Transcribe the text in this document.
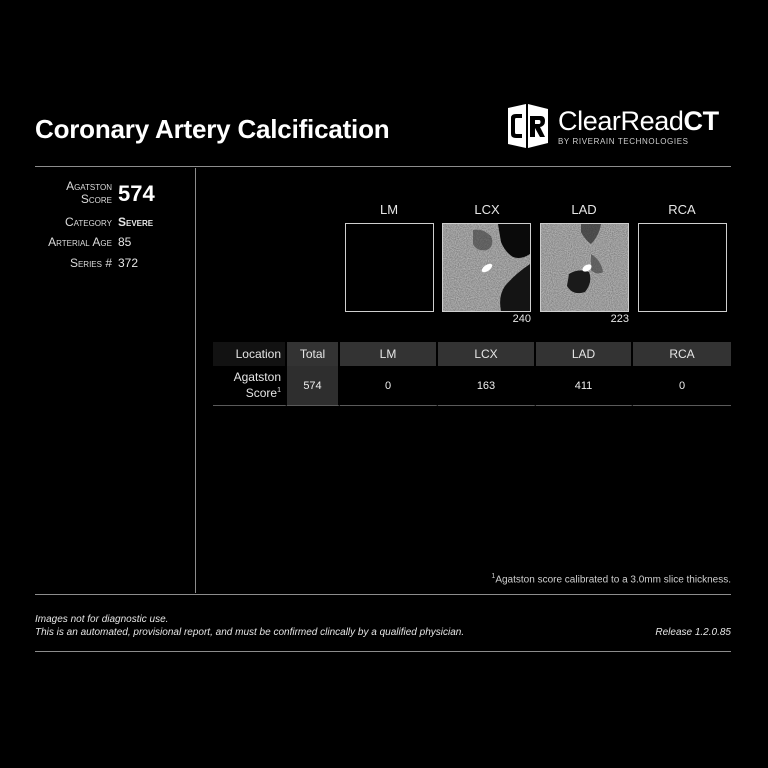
Coronary Artery Calcification	ClearReadCT
BY RIVERAIN TECHNOLOGIES
Agatston
Score 574
Category Severe
Arterial Age 85
Series # 372
LM	LCX	LAD	RCA
240	223
Location	Total	LM	LCX	LAD	RCA

Agatston
Score$^1$	574	0	163	411	0
$^1$Agatston score calibrated to a 3.0mm slice thickness.
Images not for diagnostic use.
This is an automated, provisional report, and must be confirmed clincally by a qualified physician.	Release 1.2.0.85
